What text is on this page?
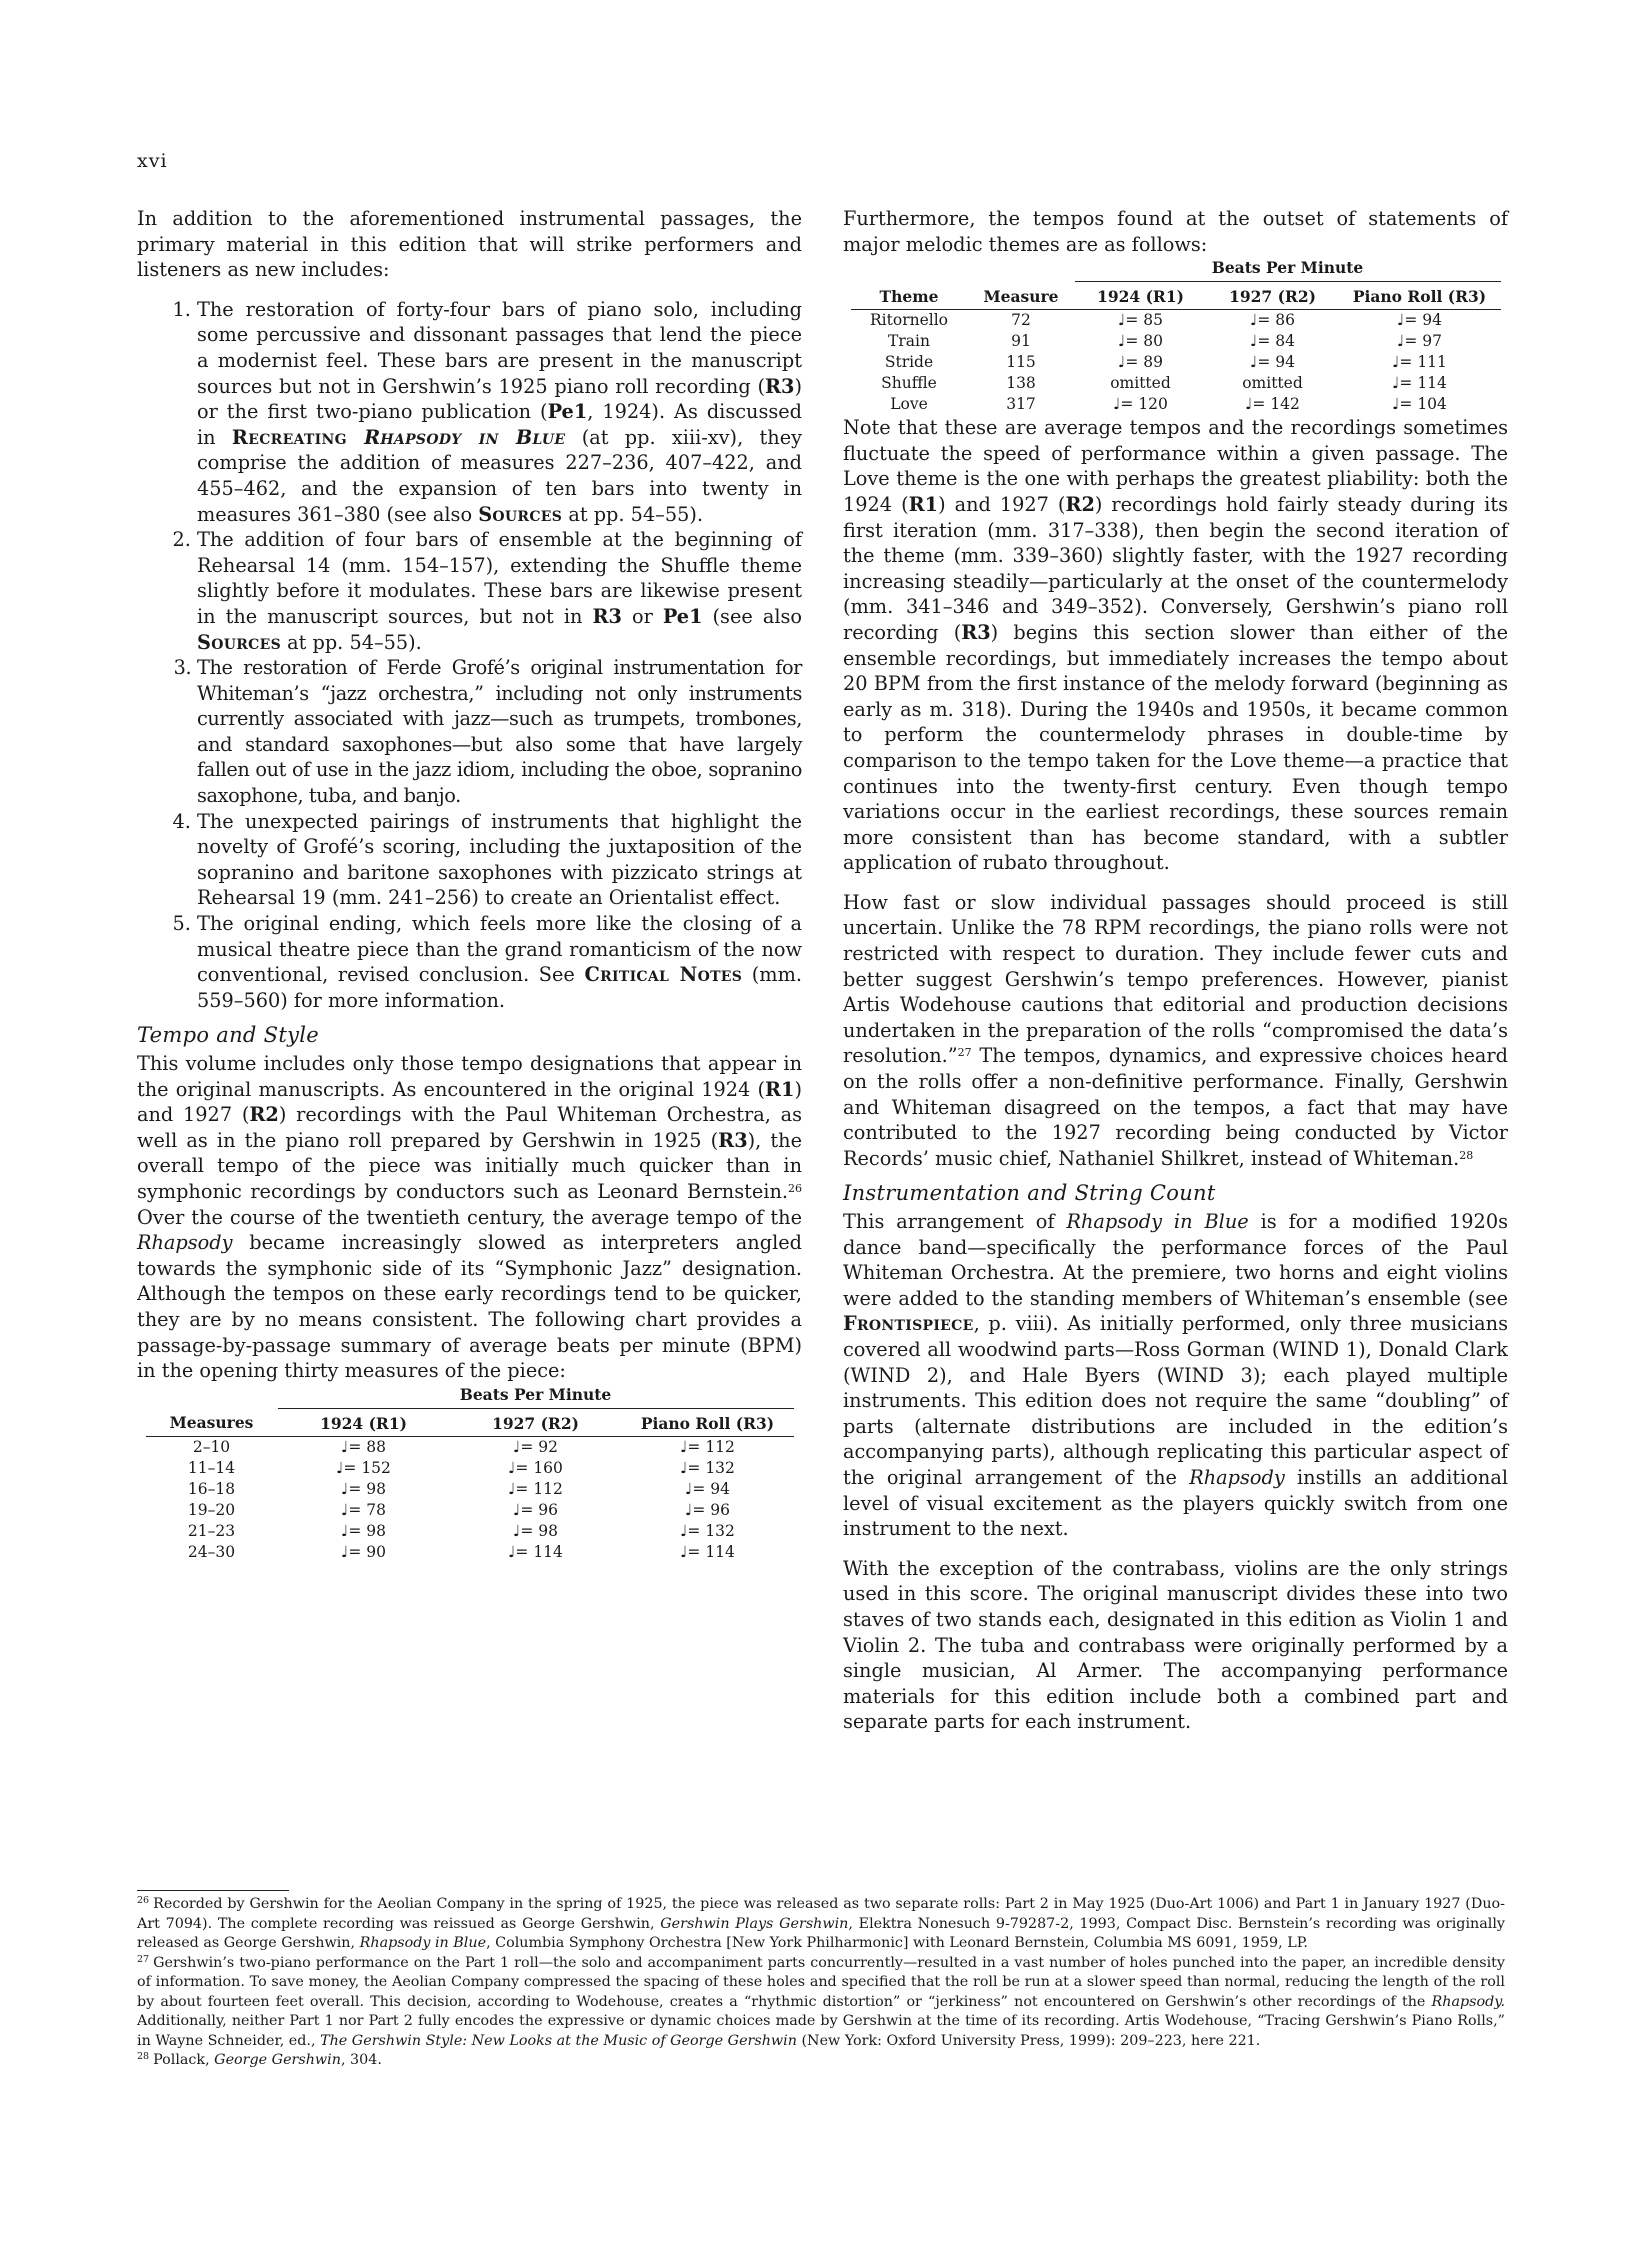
xvi

In addition to the aforementioned instrumental passages, the primary material in this edition that will strike performers and listeners as new includes:

1. The restoration of forty-four bars of piano solo, including some percussive and dissonant passages that lend the piece a modernist feel. These bars are present in the manuscript sources but not in Gershwin’s 1925 piano roll recording (R3) or the first two-piano publication (Pe1, 1924). As discussed in Recreating Rhapsody in Blue (at pp. xiii-xv), they comprise the addition of measures 227–236, 407–422, and 455–462, and the expansion of ten bars into twenty in measures 361–380 (see also Sources at pp. 54–55).
2. The addition of four bars of ensemble at the beginning of Rehearsal 14 (mm. 154–157), extending the Shuffle theme slightly before it modulates. These bars are likewise present in the manuscript sources, but not in R3 or Pe1 (see also Sources at pp. 54–55).
3. The restoration of Ferde Grofé’s original instrumentation for Whiteman’s “jazz orchestra,” including not only instruments currently associated with jazz—such as trumpets, trombones, and standard saxophones—but also some that have largely fallen out of use in the jazz idiom, including the oboe, sopranino saxophone, tuba, and banjo.
4. The unexpected pairings of instruments that highlight the novelty of Grofé’s scoring, including the juxtaposition of the sopranino and baritone saxophones with pizzicato strings at Rehearsal 19 (mm. 241–256) to create an Orientalist effect.
5. The original ending, which feels more like the closing of a musical theatre piece than the grand romanticism of the now conventional, revised conclusion. See Critical Notes (mm. 559–560) for more information.
Tempo and Style

This volume includes only those tempo designations that appear in the original manuscripts. As encountered in the original 1924 (R1) and 1927 (R2) recordings with the Paul Whiteman Orchestra, as well as in the piano roll prepared by Gershwin in 1925 (R3), the overall tempo of the piece was initially much quicker than in symphonic recordings by conductors such as Leonard Bernstein.$^{26}$ Over the course of the twentieth century, the average tempo of the Rhapsody became increasingly slowed as interpreters angled towards the symphonic side of its “Symphonic Jazz” designation. Although the tempos on these early recordings tend to be quicker, they are by no means consistent. The following chart provides a passage-by-passage summary of average beats per minute (BPM) in the opening thirty measures of the piece:

	Beats Per Minute		
Measures	1924 (R1)	1927 (R2)	Piano Roll (R3)
2–10	♩= 88	♩= 92	♩= 112
11–14	♩= 152	♩= 160	♩= 132
16–18	♩= 98	♩= 112	♩= 94
19–20	♩= 78	♩= 96	♩= 96
21–23	♩= 98	♩= 98	♩= 132
24–30	♩= 90	♩= 114	♩= 114

Furthermore, the tempos found at the outset of statements of major melodic themes are as follows:

		Beats Per Minute		
Theme	Measure	1924 (R1)	1927 (R2)	Piano Roll (R3)
Ritornello	72	♩= 85	♩= 86	♩= 94
Train	91	♩= 80	♩= 84	♩= 97
Stride	115	♩= 89	♩= 94	♩= 111
Shuffle	138	omitted	omitted	♩= 114
Love	317	♩= 120	♩= 142	♩= 104

Note that these are average tempos and the recordings sometimes fluctuate the speed of performance within a given passage. The Love theme is the one with perhaps the greatest pliability: both the 1924 (R1) and 1927 (R2) recordings hold fairly steady during its first iteration (mm. 317–338), then begin the second iteration of the theme (mm. 339–360) slightly faster, with the 1927 recording increasing steadily—particularly at the onset of the countermelody (mm. 341–346 and 349–352). Conversely, Gershwin’s piano roll recording (R3) begins this section slower than either of the ensemble recordings, but immediately increases the tempo about 20 BPM from the first instance of the melody forward (beginning as early as m. 318). During the 1940s and 1950s, it became common to perform the countermelody phrases in double-time by comparison to the tempo taken for the Love theme—a practice that continues into the twenty-first century. Even though tempo variations occur in the earliest recordings, these sources remain more consistent than has become standard, with a subtler application of rubato throughout.

How fast or slow individual passages should proceed is still uncertain. Unlike the 78 RPM recordings, the piano rolls were not restricted with respect to duration. They include fewer cuts and better suggest Gershwin’s tempo preferences. However, pianist Artis Wodehouse cautions that editorial and production decisions undertaken in the preparation of the rolls “compromised the data’s resolution.”$^{27}$ The tempos, dynamics, and expressive choices heard on the rolls offer a non-definitive performance. Finally, Gershwin and Whiteman disagreed on the tempos, a fact that may have contributed to the 1927 recording being conducted by Victor Records’ music chief, Nathaniel Shilkret, instead of Whiteman.$^{28}$

Instrumentation and String Count

This arrangement of Rhapsody in Blue is for a modified 1920s dance band—specifically the performance forces of the Paul Whiteman Orchestra. At the premiere, two horns and eight violins were added to the standing members of Whiteman’s ensemble (see Frontispiece, p. viii). As initially performed, only three musicians covered all woodwind parts—Ross Gorman (WIND 1), Donald Clark (WIND 2), and Hale Byers (WIND 3); each played multiple instruments. This edition does not require the same “doubling” of parts (alternate distributions are included in the edition’s accompanying parts), although replicating this particular aspect of the original arrangement of the Rhapsody instills an additional level of visual excitement as the players quickly switch from one instrument to the next.

With the exception of the contrabass, violins are the only strings used in this score. The original manuscript divides these into two staves of two stands each, designated in this edition as Violin 1 and Violin 2. The tuba and contrabass were originally performed by a single musician, Al Armer. The accompanying performance materials for this edition include both a combined part and separate parts for each instrument.

$^{26}$ Recorded by Gershwin for the Aeolian Company in the spring of 1925, the piece was released as two separate rolls: Part 2 in May 1925 (Duo-Art 1006) and Part 1 in January 1927 (Duo-Art 7094). The complete recording was reissued as George Gershwin, Gershwin Plays Gershwin, Elektra Nonesuch 9-79287-2, 1993, Compact Disc. Bernstein’s recording was originally released as George Gershwin, Rhapsody in Blue, Columbia Symphony Orchestra [New York Philharmonic] with Leonard Bernstein, Columbia MS 6091, 1959, LP.

$^{27}$ Gershwin’s two-piano performance on the Part 1 roll—the solo and accompaniment parts concurrently—resulted in a vast number of holes punched into the paper, an incredible density of information. To save money, the Aeolian Company compressed the spacing of these holes and specified that the roll be run at a slower speed than normal, reducing the length of the roll by about fourteen feet overall. This decision, according to Wodehouse, creates a “rhythmic distortion” or “jerkiness” not encountered on Gershwin’s other recordings of the Rhapsody. Additionally, neither Part 1 nor Part 2 fully encodes the expressive or dynamic choices made by Gershwin at the time of its recording. Artis Wodehouse, “Tracing Gershwin’s Piano Rolls,” in Wayne Schneider, ed., The Gershwin Style: New Looks at the Music of George Gershwin (New York: Oxford University Press, 1999): 209–223, here 221.

$^{28}$ Pollack, George Gershwin, 304.
